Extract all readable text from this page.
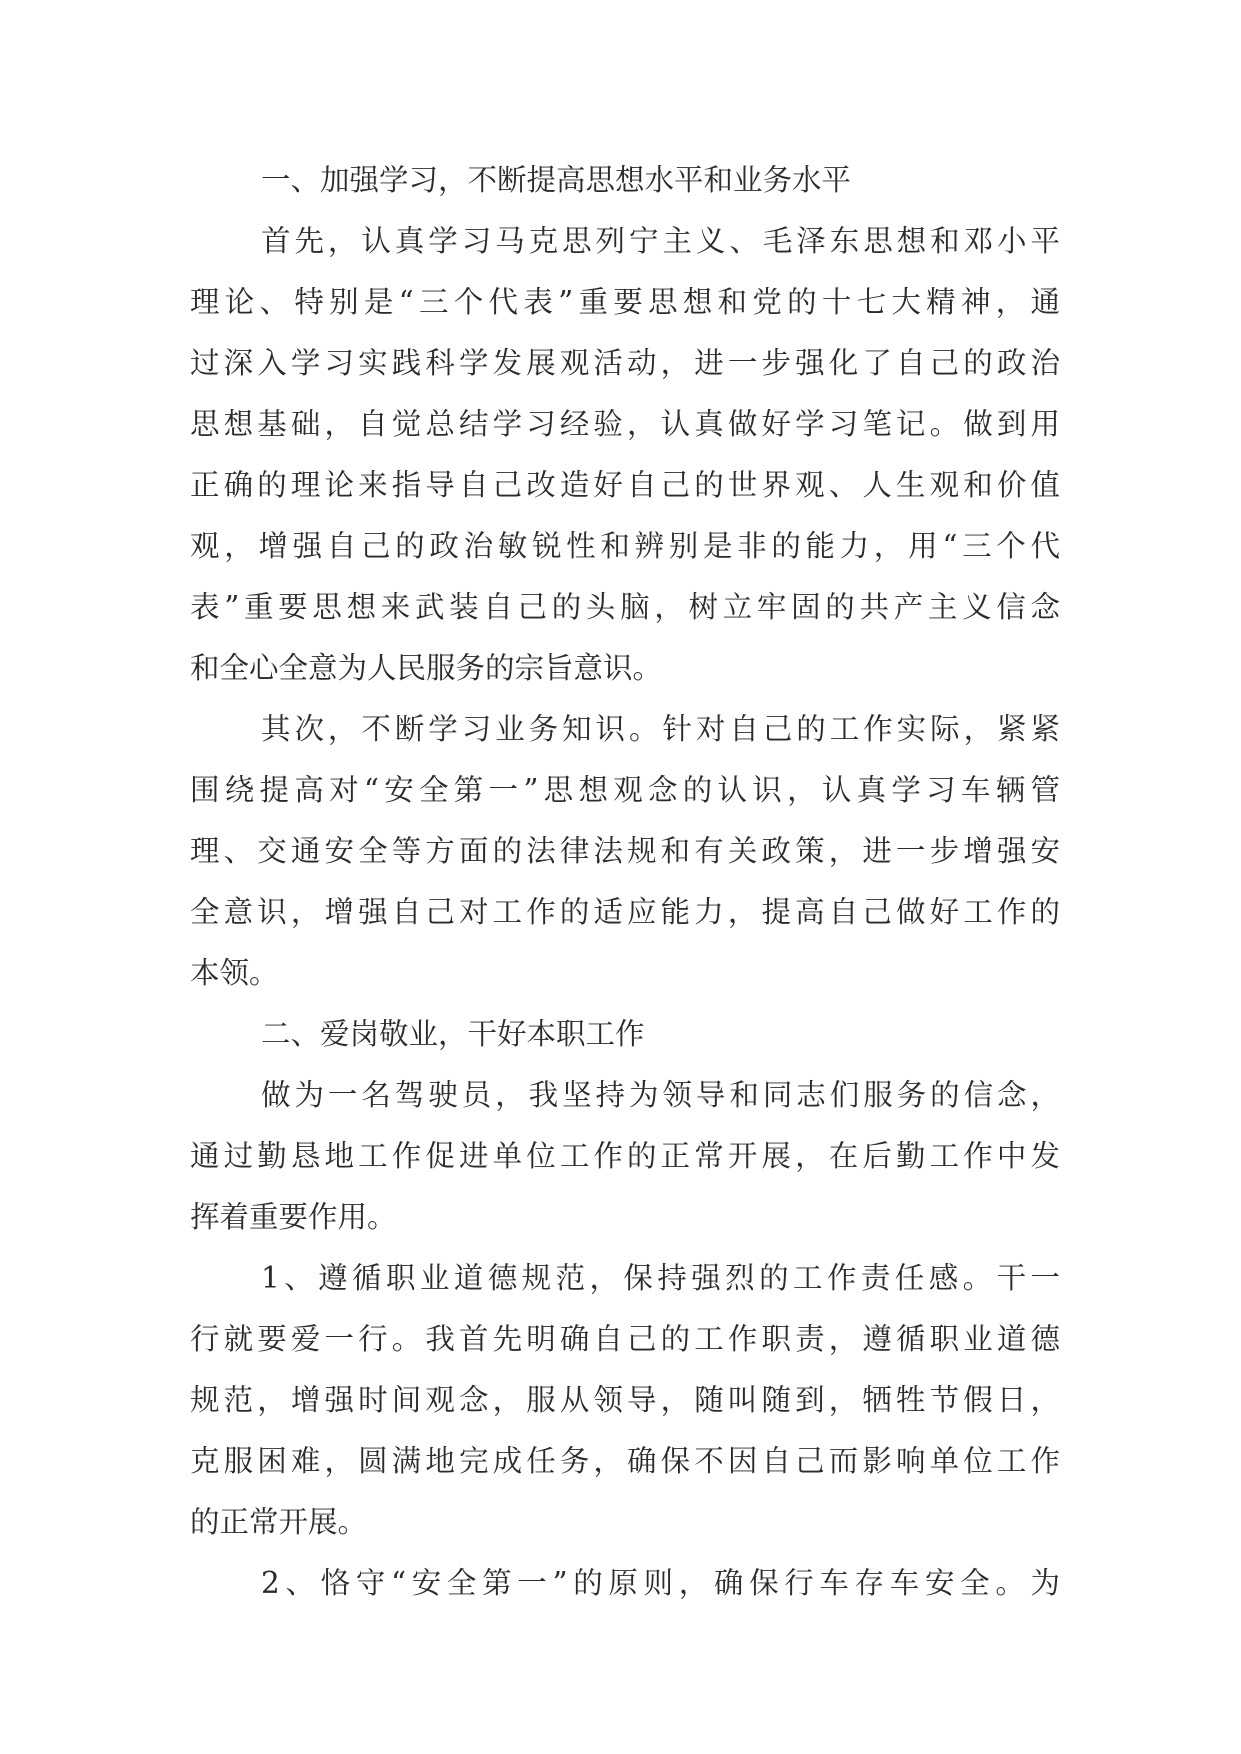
一、加强学习，不断提高思想水平和业务水平
首先，认真学习马克思列宁主义、毛泽东思想和邓小平
理论、特别是“三个代表”重要思想和党的十七大精神，通
过深入学习实践科学发展观活动，进一步强化了自己的政治
思想基础，自觉总结学习经验，认真做好学习笔记。做到用
正确的理论来指导自己改造好自己的世界观、人生观和价值
观，增强自己的政治敏锐性和辨别是非的能力，用“三个代
表”重要思想来武装自己的头脑，树立牢固的共产主义信念
和全心全意为人民服务的宗旨意识。
其次，不断学习业务知识。针对自己的工作实际，紧紧
围绕提高对“安全第一”思想观念的认识，认真学习车辆管
理、交通安全等方面的法律法规和有关政策，进一步增强安
全意识，增强自己对工作的适应能力，提高自己做好工作的
本领。
二、爱岗敬业，干好本职工作
做为一名驾驶员，我坚持为领导和同志们服务的信念，
通过勤恳地工作促进单位工作的正常开展，在后勤工作中发
挥着重要作用。
1、遵循职业道德规范，保持强烈的工作责任感。干一
行就要爱一行。我首先明确自己的工作职责，遵循职业道德
规范，增强时间观念，服从领导，随叫随到，牺牲节假日，
克服困难，圆满地完成任务，确保不因自己而影响单位工作
的正常开展。
2、恪守“安全第一”的原则，确保行车存车安全。为
